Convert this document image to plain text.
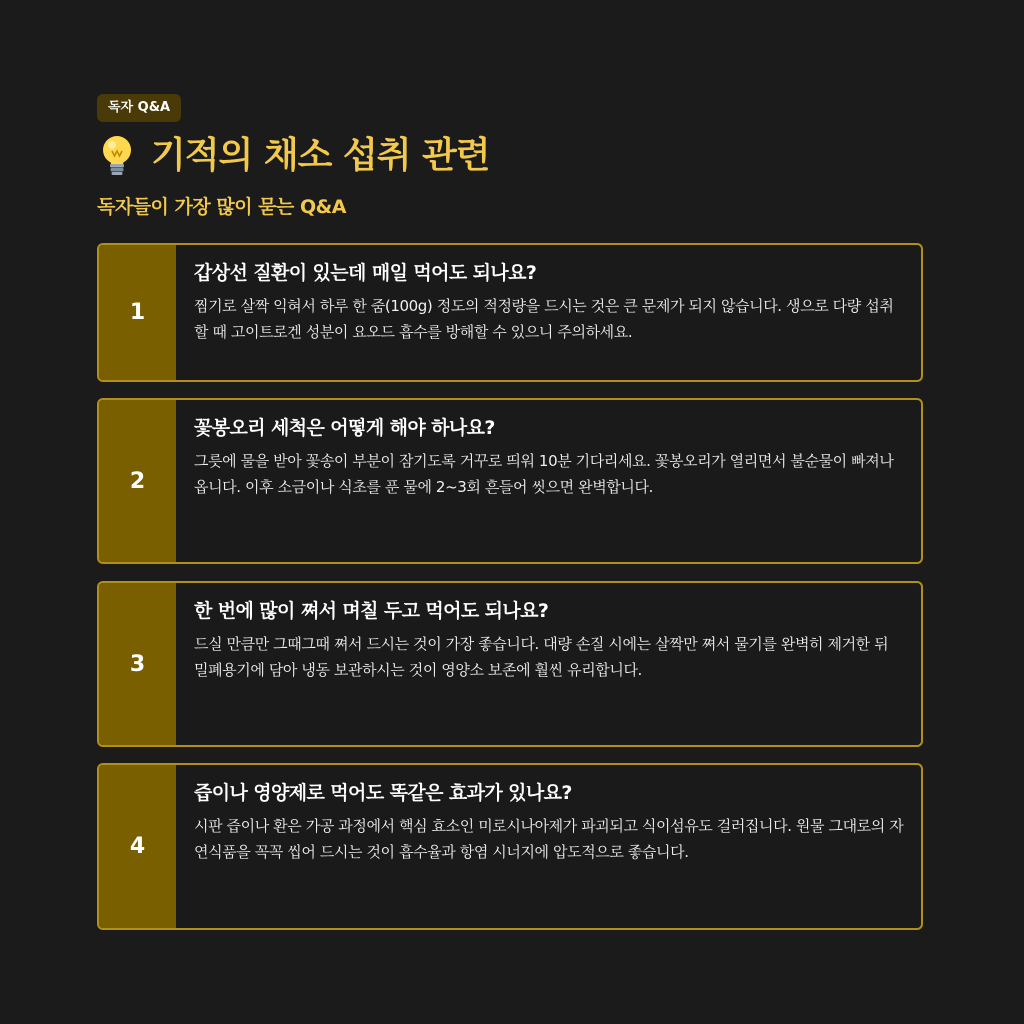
독자 Q&A
기적의 채소 섭취 관련
독자들이 가장 많이 묻는 Q&A
1
갑상선 질환이 있는데 매일 먹어도 되나요?
찜기로 살짝 익혀서 하루 한 줌(100g) 정도의 적정량을 드시는 것은 큰 문제가 되지 않습니다. 생으로 다량 섭취할 때 고이트로겐 성분이 요오드 흡수를 방해할 수 있으니 주의하세요.
2
꽃봉오리 세척은 어떻게 해야 하나요?
그릇에 물을 받아 꽃송이 부분이 잠기도록 거꾸로 띄워 10분 기다리세요. 꽃봉오리가 열리면서 불순물이 빠져나옵니다. 이후 소금이나 식초를 푼 물에 2~3회 흔들어 씻으면 완벽합니다.
3
한 번에 많이 쪄서 며칠 두고 먹어도 되나요?
드실 만큼만 그때그때 쪄서 드시는 것이 가장 좋습니다. 대량 손질 시에는 살짝만 쪄서 물기를 완벽히 제거한 뒤 밀폐용기에 담아 냉동 보관하시는 것이 영양소 보존에 훨씬 유리합니다.
4
즙이나 영양제로 먹어도 똑같은 효과가 있나요?
시판 즙이나 환은 가공 과정에서 핵심 효소인 미로시나아제가 파괴되고 식이섬유도 걸러집니다. 원물 그대로의 자연식품을 꼭꼭 씹어 드시는 것이 흡수율과 항염 시너지에 압도적으로 좋습니다.
